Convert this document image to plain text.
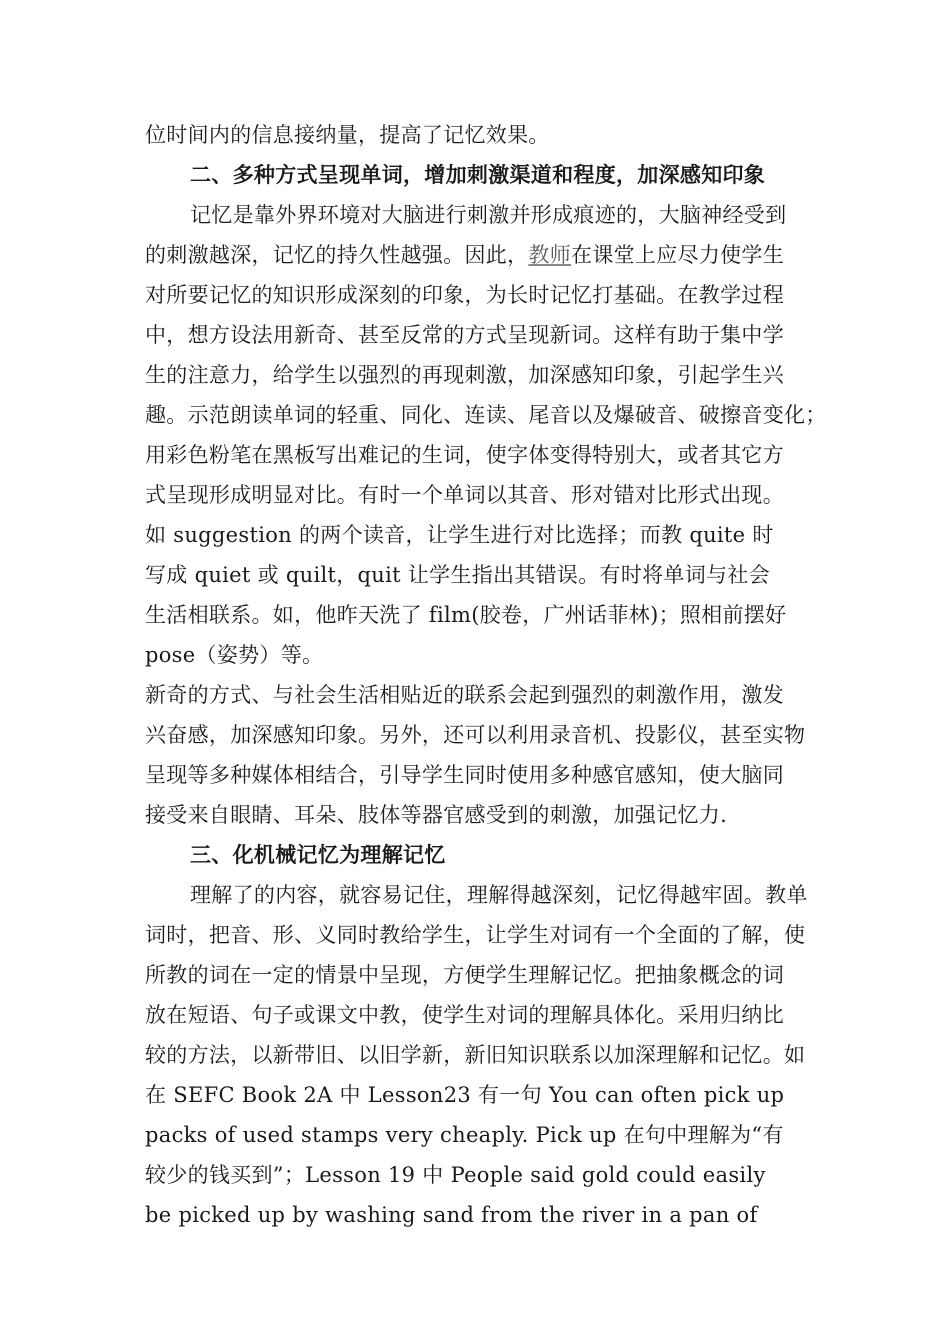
位时间内的信息接纳量，提高了记忆效果。
二、多种方式呈现单词，增加刺激渠道和程度，加深感知印象
记忆是靠外界环境对大脑进行刺激并形成痕迹的，大脑神经受到
的刺激越深，记忆的持久性越强。因此，教师在课堂上应尽力使学生
对所要记忆的知识形成深刻的印象，为长时记忆打基础。在教学过程
中，想方设法用新奇、甚至反常的方式呈现新词。这样有助于集中学
生的注意力，给学生以强烈的再现刺激，加深感知印象，引起学生兴
趣。示范朗读单词的轻重、同化、连读、尾音以及爆破音、破擦音变化；
用彩色粉笔在黑板写出难记的生词，使字体变得特别大，或者其它方
式呈现形成明显对比。有时一个单词以其音、形对错对比形式出现。
如 suggestion 的两个读音，让学生进行对比选择；而教 quite 时
写成 quiet 或 quilt，quit 让学生指出其错误。有时将单词与社会
生活相联系。如，他昨天洗了 film(胶卷，广州话菲林)；照相前摆好
pose（姿势）等。
新奇的方式、与社会生活相贴近的联系会起到强烈的刺激作用，激发
兴奋感，加深感知印象。另外，还可以利用录音机、投影仪，甚至实物
呈现等多种媒体相结合，引导学生同时使用多种感官感知，使大脑同
接受来自眼睛、耳朵、肢体等器官感受到的刺激，加强记忆力.
三、化机械记忆为理解记忆
理解了的内容，就容易记住，理解得越深刻，记忆得越牢固。教单
词时，把音、形、义同时教给学生，让学生对词有一个全面的了解，使
所教的词在一定的情景中呈现，方便学生理解记忆。把抽象概念的词
放在短语、句子或课文中教，使学生对词的理解具体化。采用归纳比
较的方法，以新带旧、以旧学新，新旧知识联系以加深理解和记忆。如
在 SEFC Book 2A 中 Lesson23 有一句 You can often pick up
packs of used stamps very cheaply. Pick up 在句中理解为“有
较少的钱买到”；Lesson 19 中 People said gold could easily
be picked up by washing sand from the river in a pan of
